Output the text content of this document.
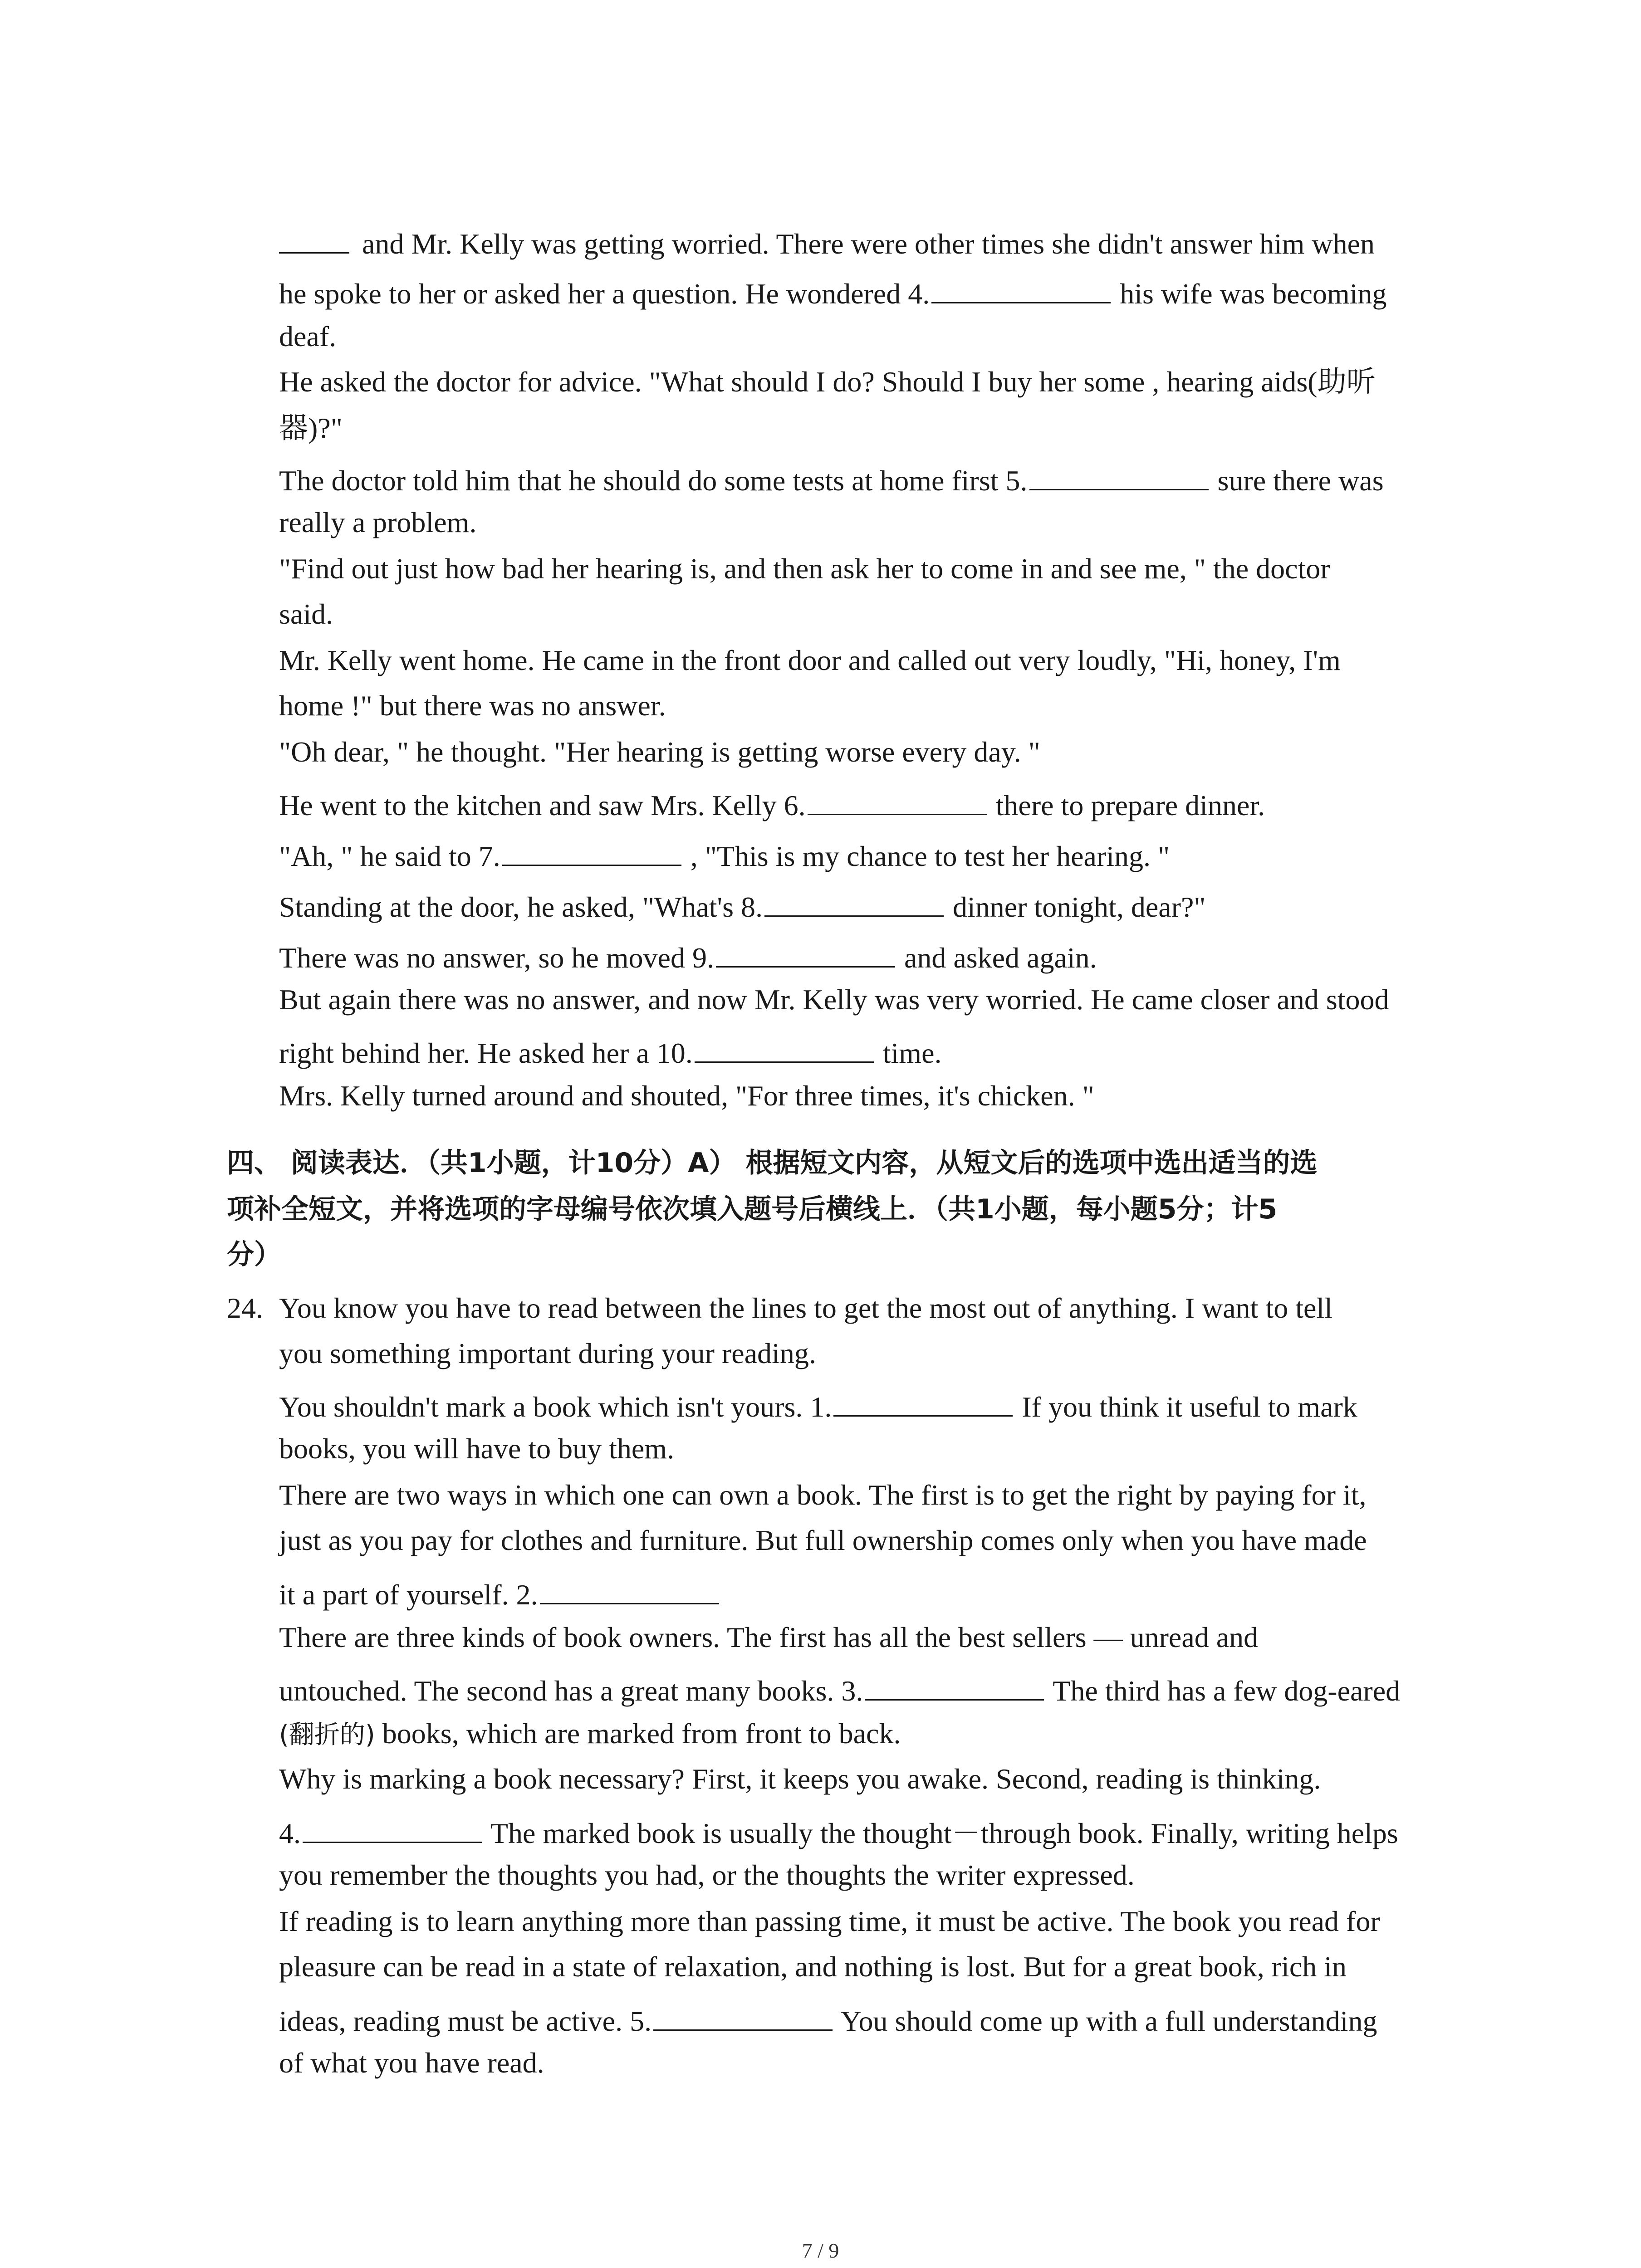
and Mr. Kelly was getting worried. There were other times she didn't answer him when
he spoke to her or asked her a question. He wondered 4.	his wife was becoming
deaf.
He asked the doctor for advice. "What should I do? Should I buy her some , hearing aids(助听
器)?"
The doctor told him that he should do some tests at home first 5.	sure there was
really a problem.
"Find out just how bad her hearing is, and then ask her to come in and see me, " the doctor
said.
Mr. Kelly went home. He came in the front door and called out very loudly, "Hi, honey, I'm
home !" but there was no answer.
"Oh dear, " he thought. "Her hearing is getting worse every day. "
He went to the kitchen and saw Mrs. Kelly 6.	there to prepare dinner.
"Ah, " he said to 7.	, "This is my chance to test her hearing. "
Standing at the door, he asked, "What's 8.	dinner tonight, dear?"
There was no answer, so he moved 9.	and asked again.
But again there was no answer, and now Mr. Kelly was very worried. He came closer and stood
right behind her. He asked her a 10.	time.
Mrs. Kelly turned around and shouted, "For three times, it's chicken. "
四、 阅读表达．（共1小题，计10分）A） 根据短文内容，从短文后的选项中选出适当的选
项补全短文，并将选项的字母编号依次填入题号后横线上．（共1小题，每小题5分；计5
分）
24. You know you have to read between the lines to get the most out of anything. I want to tell
you something important during your reading.
You shouldn't mark a book which isn't yours. 1.	If you think it useful to mark
books, you will have to buy them.
There are two ways in which one can own a book. The first is to get the right by paying for it,
just as you pay for clothes and furniture. But full ownership comes only when you have made
it a part of yourself. 2.
There are three kinds of book owners. The first has all the best sellers — unread and
untouched. The second has a great many books. 3.	The third has a few dog-eared
(翻折的) books, which are marked from front to back.
Why is marking a book necessary? First, it keeps you awake. Second, reading is thinking.
4.	The marked book is usually the thought－through book. Finally, writing helps
you remember the thoughts you had, or the thoughts the writer expressed.
If reading is to learn anything more than passing time, it must be active. The book you read for
pleasure can be read in a state of relaxation, and nothing is lost. But for a great book, rich in
ideas, reading must be active. 5.	You should come up with a full understanding
of what you have read.
7 / 9
